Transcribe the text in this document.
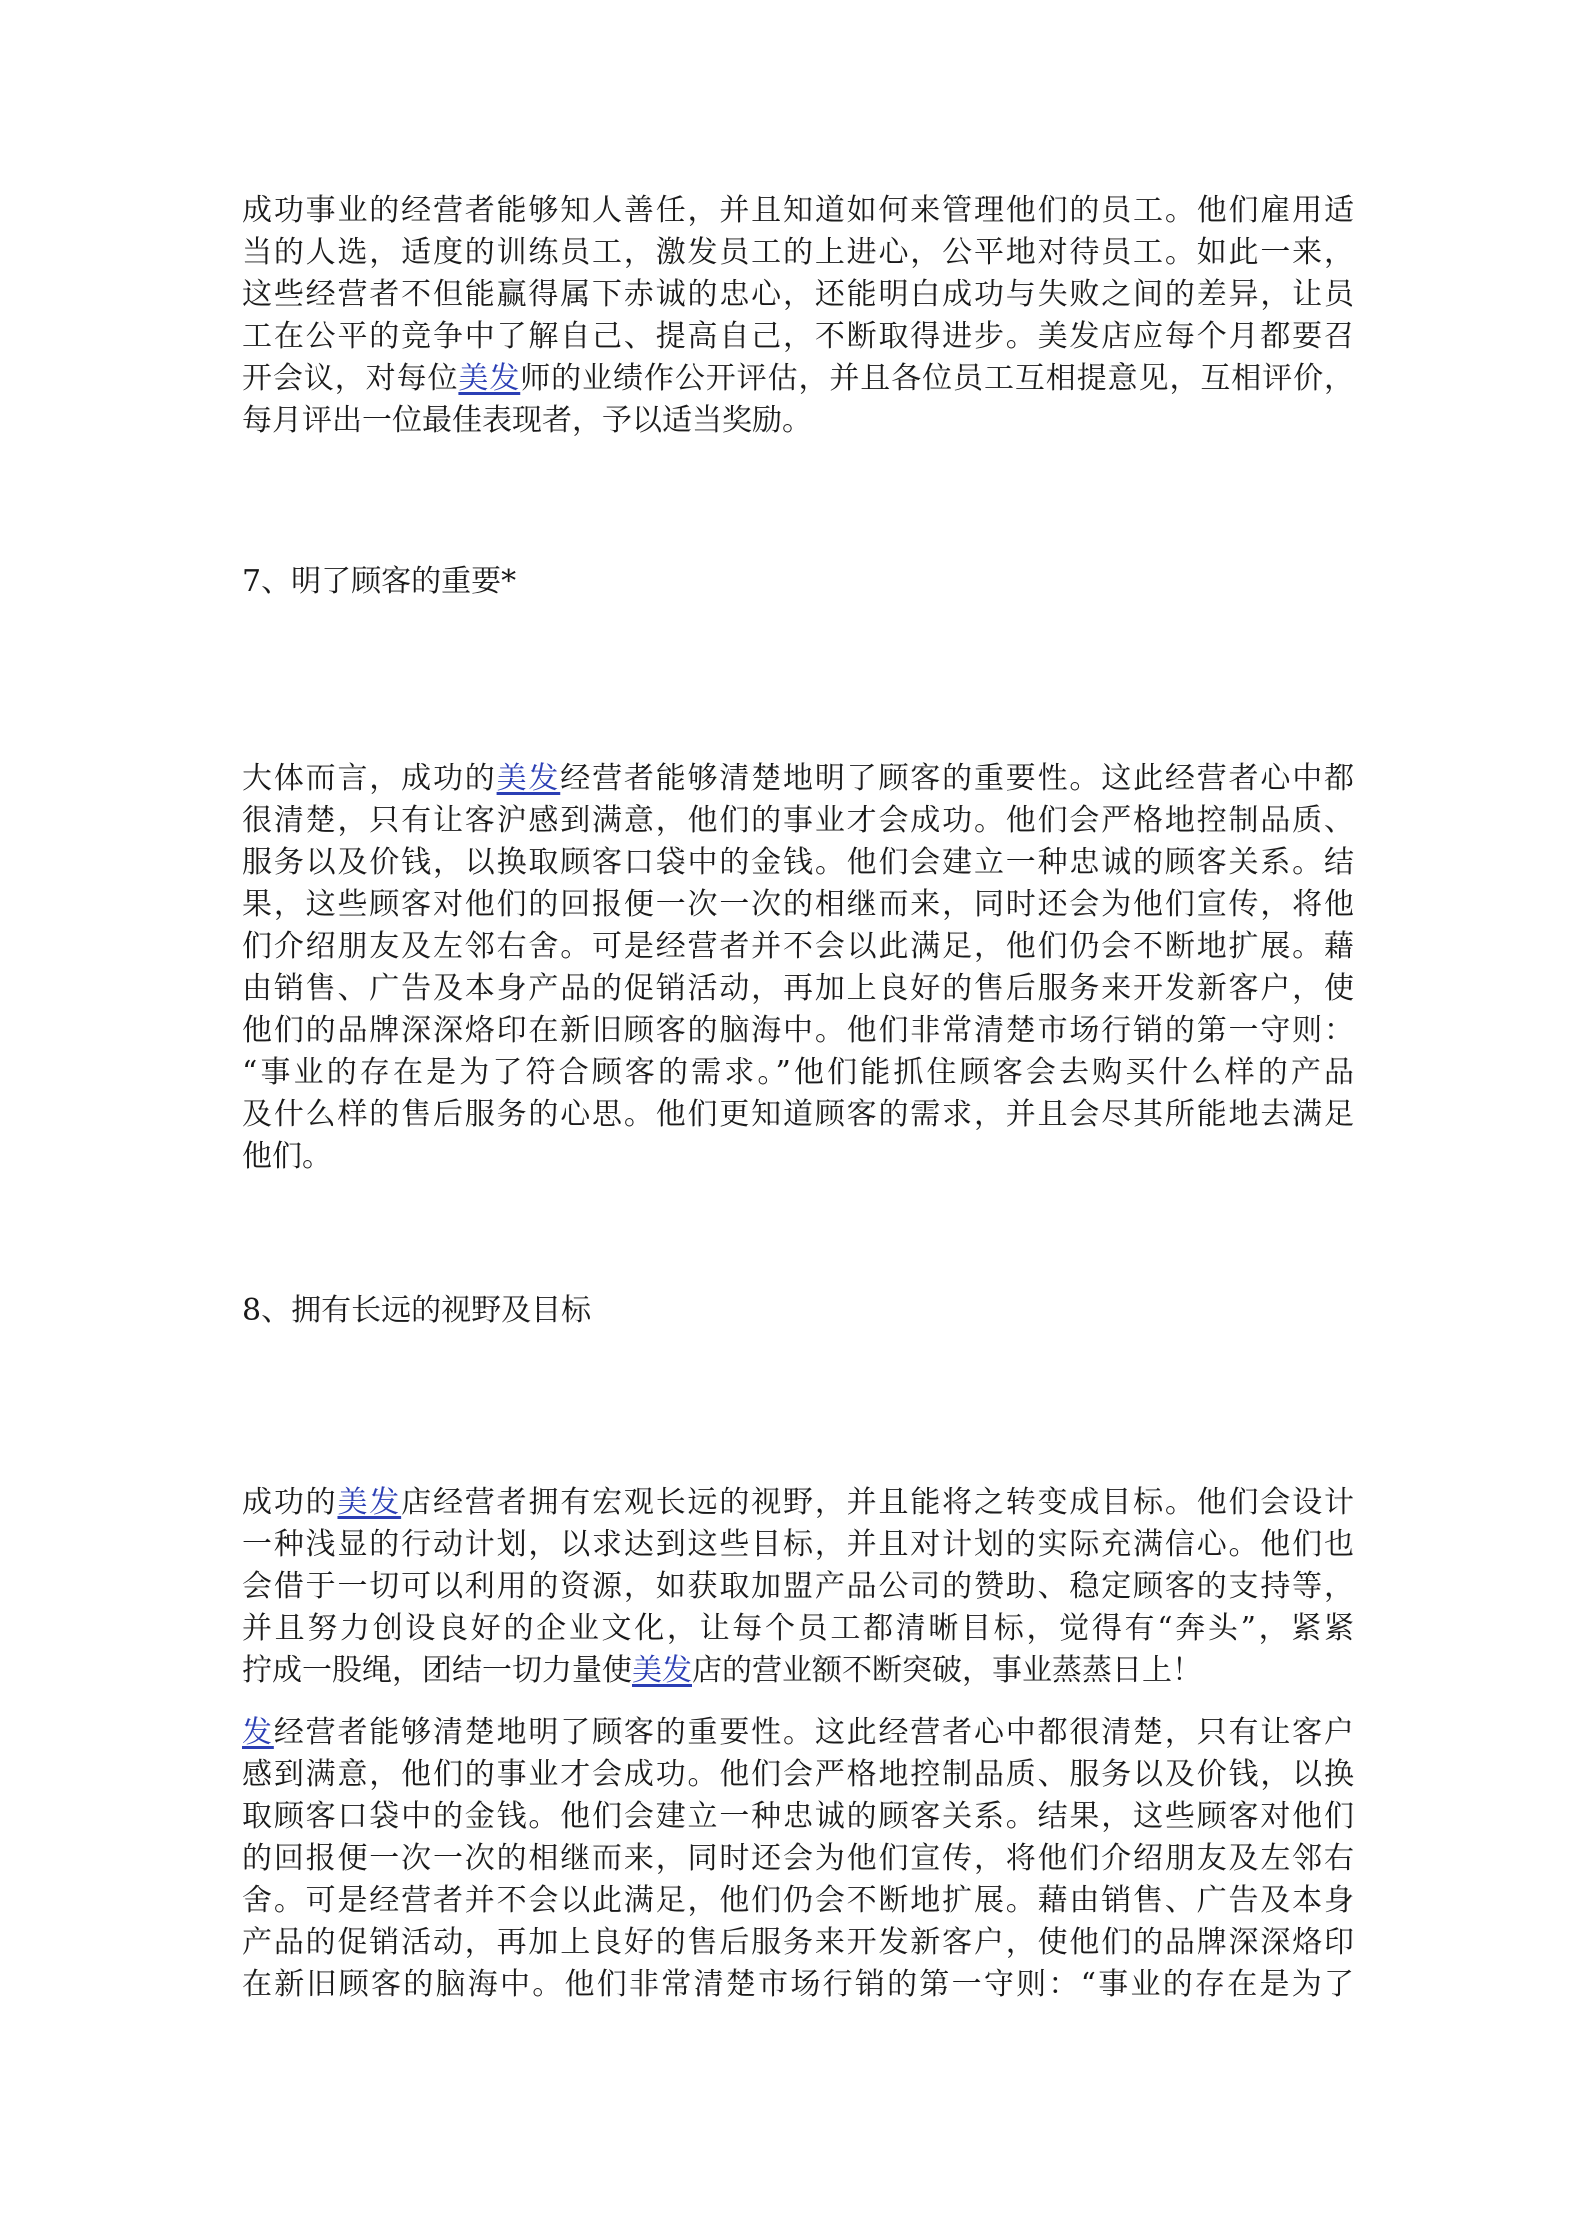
成功事业的经营者能够知人善任，并且知道如何来管理他们的员工。他们雇用适
当的人选，适度的训练员工，激发员工的上进心，公平地对待员工。如此一来，
这些经营者不但能赢得属下赤诚的忠心，还能明白成功与失败之间的差异，让员
工在公平的竞争中了解自己、提高自己，不断取得进步。美发店应每个月都要召
开会议，对每位美发师的业绩作公开评估，并且各位员工互相提意见，互相评价，
每月评出一位最佳表现者，予以适当奖励。
7、明了顾客的重要*
大体而言，成功的美发经营者能够清楚地明了顾客的重要性。这此经营者心中都
很清楚，只有让客沪感到满意，他们的事业才会成功。他们会严格地控制品质、
服务以及价钱，以换取顾客口袋中的金钱。他们会建立一种忠诚的顾客关系。结
果，这些顾客对他们的回报便一次一次的相继而来，同时还会为他们宣传，将他
们介绍朋友及左邻右舍。可是经营者并不会以此满足，他们仍会不断地扩展。藉
由销售、广告及本身产品的促销活动，再加上良好的售后服务来开发新客户，使
他们的品牌深深烙印在新旧顾客的脑海中。他们非常清楚市场行销的第一守则：
“事业的存在是为了符合顾客的需求。”他们能抓住顾客会去购买什么样的产品
及什么样的售后服务的心思。他们更知道顾客的需求，并且会尽其所能地去满足
他们。
8、拥有长远的视野及目标
成功的美发店经营者拥有宏观长远的视野，并且能将之转变成目标。他们会设计
一种浅显的行动计划，以求达到这些目标，并且对计划的实际充满信心。他们也
会借于一切可以利用的资源，如获取加盟产品公司的赞助、稳定顾客的支持等，
并且努力创设良好的企业文化，让每个员工都清晰目标，觉得有“奔头”，紧紧
拧成一股绳，团结一切力量使美发店的营业额不断突破，事业蒸蒸日上！
发经营者能够清楚地明了顾客的重要性。这此经营者心中都很清楚，只有让客户
感到满意，他们的事业才会成功。他们会严格地控制品质、服务以及价钱，以换
取顾客口袋中的金钱。他们会建立一种忠诚的顾客关系。结果，这些顾客对他们
的回报便一次一次的相继而来，同时还会为他们宣传，将他们介绍朋友及左邻右
舍。可是经营者并不会以此满足，他们仍会不断地扩展。藉由销售、广告及本身
产品的促销活动，再加上良好的售后服务来开发新客户，使他们的品牌深深烙印
在新旧顾客的脑海中。他们非常清楚市场行销的第一守则：“事业的存在是为了
